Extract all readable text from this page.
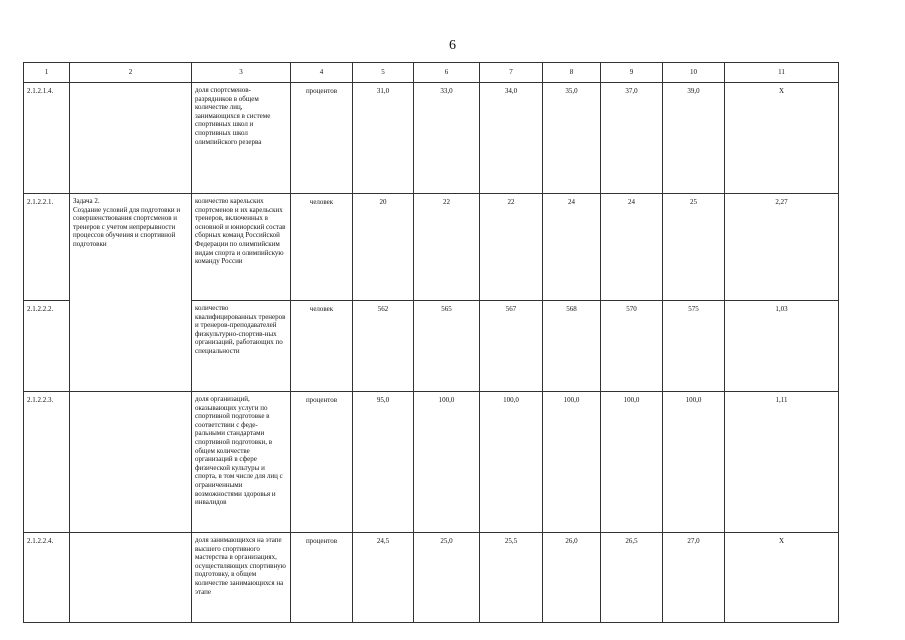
6
1	2	3	4	5	6	7	8	9	10	11
2.1.2.1.4.		доля спортсменов-разрядников в общем количестве лиц, занимающихся в системе спортивных школ и спортивных школ олимпийского резерва	процентов	31,0	33,0	34,0	35,0	37,0	39,0	X
2.1.2.2.1.	Задача 2.
Создание условий для подготовки и совершенствования спортсменов и тренеров с учетом непрерывности процессов обучения и спортивной подготовки	количество карельских спортсменов и их карельских тренеров, включенных в основной и юниорский состав сборных команд Российской Федерации по олимпийским видам спорта и олимпийскую команду России	человек	20	22	22	24	24	25	2,27
2.1.2.2.2.		количество квалифицированных тренеров и тренеров-преподавателей физкультурно-спортив-ных организаций, работающих по специальности	человек	562	565	567	568	570	575	1,03
2.1.2.2.3.		доля организаций, оказывающих услуги по спортивной подготовке в соответствии с феде-ральными стандартами спортивной подготовки, в общем количестве организаций в сфере физической культуры и спорта, в том числе для лиц с ограниченными возможностями здоровья и инвалидов	процентов	95,0	100,0	100,0	100,0	100,0	100,0	1,11
2.1.2.2.4.		доля занимающихся на этапе высшего спортивного мастерства в организациях, осуществляющих спортивную подготовку, в общем количестве занимающихся на этапе	процентов	24,5	25,0	25,5	26,0	26,5	27,0	X
